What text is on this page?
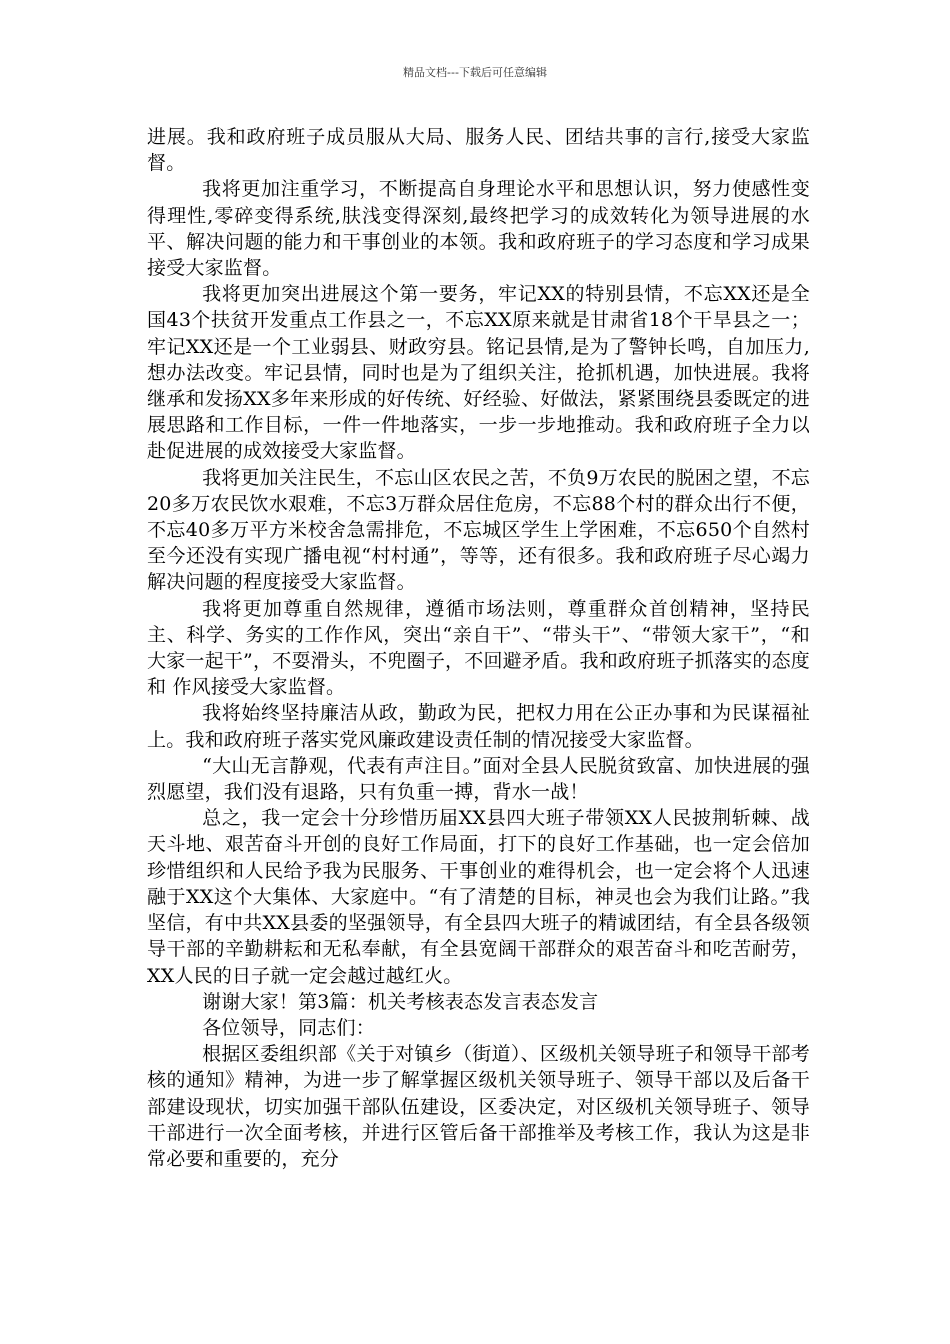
精品文档---下载后可任意编辑

进展。我和政府班子成员服从大局、服务人民、团结共事的言行,接受大家监督。

我将更加注重学习，不断提高自身理论水平和思想认识，努力使感性变得理性,零碎变得系统,肤浅变得深刻,最终把学习的成效转化为领导进展的水平、解决问题的能力和干事创业的本领。我和政府班子的学习态度和学习成果接受大家监督。

我将更加突出进展这个第一要务，牢记XX的特别县情，不忘XX还是全国43个扶贫开发重点工作县之一，不忘XX原来就是甘肃省18个干旱县之一；牢记XX还是一个工业弱县、财政穷县。铭记县情,是为了警钟长鸣，自加压力,想办法改变。牢记县情，同时也是为了组织关注，抢抓机遇，加快进展。我将继承和发扬XX多年来形成的好传统、好经验、好做法，紧紧围绕县委既定的进展思路和工作目标，一件一件地落实，一步一步地推动。我和政府班子全力以赴促进展的成效接受大家监督。

我将更加关注民生，不忘山区农民之苦，不负9万农民的脱困之望，不忘20多万农民饮水艰难，不忘3万群众居住危房，不忘88个村的群众出行不便，不忘40多万平方米校舍急需排危，不忘城区学生上学困难，不忘650个自然村至今还没有实现广播电视“村村通”，等等，还有很多。我和政府班子尽心竭力解决问题的程度接受大家监督。

我将更加尊重自然规律，遵循市场法则，尊重群众首创精神，坚持民主、科学、务实的工作作风，突出“亲自干”、“带头干”、“带领大家干”，“和大家一起干”，不耍滑头，不兜圈子，不回避矛盾。我和政府班子抓落实的态度和 作风接受大家监督。

我将始终坚持廉洁从政，勤政为民，把权力用在公正办事和为民谋福祉上。我和政府班子落实党风廉政建设责任制的情况接受大家监督。

“大山无言静观，代表有声注目。”面对全县人民脱贫致富、加快进展的强烈愿望，我们没有退路，只有负重一搏，背水一战！

总之，我一定会十分珍惜历届XX县四大班子带领XX人民披荆斩棘、战天斗地、艰苦奋斗开创的良好工作局面，打下的良好工作基础，也一定会倍加珍惜组织和人民给予我为民服务、干事创业的难得机会，也一定会将个人迅速融于XX这个大集体、大家庭中。“有了清楚的目标，神灵也会为我们让路。”我坚信，有中共XX县委的坚强领导，有全县四大班子的精诚团结，有全县各级领导干部的辛勤耕耘和无私奉献，有全县宽阔干部群众的艰苦奋斗和吃苦耐劳，XX人民的日子就一定会越过越红火。

谢谢大家！第3篇：机关考核表态发言表态发言

各位领导，同志们：

根据区委组织部《关于对镇乡（街道）、区级机关领导班子和领导干部考核的通知》精神，为进一步了解掌握区级机关领导班子、领导干部以及后备干部建设现状，切实加强干部队伍建设，区委决定，对区级机关领导班子、领导干部进行一次全面考核，并进行区管后备干部推举及考核工作，我认为这是非常必要和重要的，充分
